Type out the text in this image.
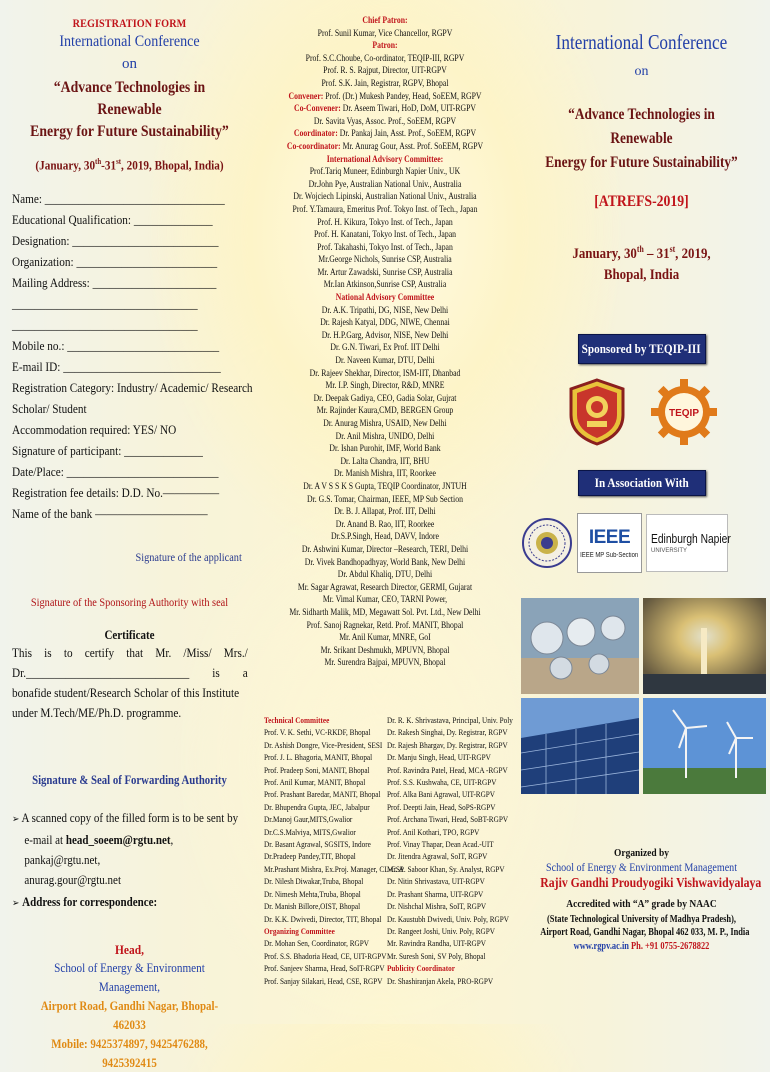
REGISTRATION FORM
International Conference
on
“Advance Technologies in Renewable
Energy for Future Sustainability”
(January, 30th-31st, 2019, Bhopal, India)
Name: ________________________________
Educational Qualification: ______________
Designation: __________________________
Organization: _________________________
Mailing Address: ______________________
_________________________________
_________________________________
Mobile no.: ___________________________
E-mail ID: ____________________________
Registration Category: Industry/ Academic/ Research
Scholar/ Student
Accommodation required: YES/ NO
Signature of participant: ______________
Date/Place: ___________________________
Registration fee details: D.D. No.—————
Name of the bank ——————————
Signature of the applicant
Signature of the Sponsoring Authority with seal
Certificate
This is to certify that Mr. /Miss/ Mrs./
Dr._____________________________ is a
bonafide student/Research Scholar of this Institute
under M.Tech/ME/Ph.D. programme.
Signature & Seal of Forwarding Authority
➢ A scanned copy of the filled form is to be sent by
e-mail at head_soeem@rgtu.net, pankaj@rgtu.net,
anurag.gour@rgtu.net
➢ Address for correspondence:
Head,
School of Energy & Environment Management,
Airport Road, Gandhi Nagar, Bhopal-462033
Mobile: 9425374897, 9425476288, 9425392415
Chief Patron:
Prof. Sunil Kumar, Vice Chancellor, RGPV
Patron:
Prof. S.C.Choube, Co-ordinator, TEQIP-III, RGPV
Prof. R. S. Rajput, Director, UIT-RGPV
Prof. S.K. Jain, Registrar, RGPV, Bhopal
Convener: Prof. (Dr.) Mukesh Pandey, Head, SoEEM, RGPV
Co-Convener: Dr. Aseem Tiwari, HoD, DoM, UIT-RGPV
Dr. Savita Vyas, Assoc. Prof., SoEEM, RGPV
Coordinator: Dr. Pankaj Jain, Asst. Prof., SoEEM, RGPV
Co-coordinator: Mr. Anurag Gour, Asst. Prof. SoEEM, RGPV
International Advisory Committee:
Prof.Tariq Muneer, Edinburgh Napier Univ., UK
Dr.John Pye, Australian National Univ., Australia
Dr. Wojciech Lipinski, Australian National Univ., Australia
Prof. Y.Tamaura, Emeritus Prof. Tokyo Inst. of Tech., Japan
Prof. H. Kikura, Tokyo Inst. of Tech., Japan
Prof. H. Kanatani, Tokyo Inst. of Tech., Japan
Prof. Takahashi, Tokyo Inst. of Tech., Japan
Mr.George Nichols, Sunrise CSP, Australia
Mr. Artur Zawadski, Sunrise CSP, Australia
Mr.Ian Atkinson,Sunrise CSP, Australia
National Advisory Committee
Dr. A.K. Tripathi, DG, NISE, New Delhi
Dr. Rajesh Katyal, DDG, NIWE, Chennai
Dr. H.P.Garg, Advisor, NISE, New Delhi
Dr. G.N. Tiwari, Ex Prof. IIT Delhi
Dr. Naveen Kumar, DTU, Delhi
Dr. Rajeev Shekhar, Director, ISM-IIT, Dhanbad
Mr. I.P. Singh, Director, R&D, MNRE
Dr. Deepak Gadiya, CEO, Gadia Solar, Gujrat
Mr. Rajinder Kaura,CMD, BERGEN Group
Dr. Anurag Mishra, USAID, New Delhi
Dr. Anil Mishra, UNIDO, Delhi
Dr. Ishan Purohit, IMF, World Bank
Dr. Lalta Chandra, IIT, BHU
Dr. Manish Mishra, IIT, Roorkee
Dr. A V S S K S Gupta, TEQIP Coordinator, JNTUH
Dr. G.S. Tomar, Chairman, IEEE, MP Sub Section
Dr. B. J. Allapat, Prof. IIT, Delhi
Dr. Anand B. Rao, IIT, Roorkee
Dr.S.P.Singh, Head, DAVV, Indore
Dr. Ashwini Kumar, Director –Research, TERI, Delhi
Dr. Vivek Bandhopadhyay, World Bank, New Delhi
Dr. Abdul Khaliq, DTU, Delhi
Mr. Sagar Agrawat, Research Director, GERMI, Gujarat
Mr. Vimal Kumar, CEO, TARNI Power,
Mr. Sidharth Malik, MD, Megawatt Sol. Pvt. Ltd., New Delhi
Prof. Sanoj Ragnekar, Retd. Prof. MANIT, Bhopal
Mr. Anil Kumar, MNRE, GoI
Mr. Srikant Deshmukh, MPUVN, Bhopal
Mr. Surendra Bajpai, MPUVN, Bhopal
Technical Committee
Prof. V. K. Sethi, VC-RKDF, Bhopal
Dr. Ashish Dongre, Vice-President, SESI
Prof. J. L. Bhagoria, MANIT, Bhopal
Prof. Pradeep Soni, MANIT, Bhopal
Prof. Anil Kumar, MANIT, Bhopal
Prof. Prashant Baredar, MANIT, Bhopal
Dr. Bhupendra Gupta, JEC, Jabalpur
Dr.Manoj Gaur,MITS,Gwalior
Dr.C.S.Malviya, MITS,Gwalior
Dr. Basant Agrawal, SGSITS, Indore
Dr.Pradeep Pandey,TIT, Bhopal
Mr.Prashant Mishra, Ex.Proj. Manager, CL-CSP
Dr. Nilesh Diwakar,Truba, Bhopal
Dr. Nimesh Mehta,Truba, Bhopal
Dr. Manish Billore,OIST, Bhopal
Dr. K.K. Dwivedi, Director, TIT, Bhopal
Organizing Committee
Dr. Mohan Sen, Coordinator, RGPV
Prof. S.S. Bhadoria Head, CE, UIT-RGPV
Prof. Sanjeev Sharma, Head, SoIT-RGPV
Prof. Sanjay Silakari, Head, CSE, RGPV
Dr. R. K. Shrivastava, Principal, Univ. Poly
Dr. Rakesh Singhai, Dy. Registrar, RGPV
Dr. Rajesh Bhargav, Dy. Registrar, RGPV
Dr. Manju Singh, Head, UIT-RGPV
Prof. Ravindra Patel, Head, MCA -RGPV
Prof. S.S. Kushwaha, CE, UIT-RGPV
Prof. Alka Bani Agrawal, UIT-RGPV
Prof. Deepti Jain, Head, SoPS-RGPV
Prof. Archana Tiwari, Head, SoBT-RGPV
Prof. Anil Kothari, TPO, RGPV
Prof. Vinay Thapar, Dean Acad.-UIT
Dr. Jitendra Agrawal, SoIT, RGPV
Mr. A. Saboor Khan, Sy. Analyst, RGPV
Dr. Nitin Shrivastava, UIT-RGPV
Dr. Prashant Sharma, UIT-RGPV
Dr. Nishchal Mishra, SoIT, RGPV
Dr. Kaustubh Dwivedi, Univ. Poly, RGPV
Dr. Rangeet Joshi, Univ. Poly, RGPV
Mr. Ravindra Randha, UIT-RGPV
Mr. Suresh Soni, SV Poly, Bhopal
Publicity Coordinator
Dr. Shashiranjan Akela, PRO-RGPV
International Conference
on
“Advance Technologies in Renewable
Energy for Future Sustainability”
[ATREFS-2019]
January, 30th – 31st, 2019,
Bhopal, India
Sponsored by TEQIP-III
TEQIP
In Association With
IEEE
IEEE MP Sub-Section
Edinburgh Napier
UNIVERSITY
Organized by
School of Energy & Environment Management
Rajiv Gandhi Proudyogiki Vishwavidyalaya
Accredited with “A” grade by NAAC
(State Technological University of Madhya Pradesh),
Airport Road, Gandhi Nagar, Bhopal 462 033, M. P., India
www.rgpv.ac.in Ph. +91 0755-2678822
